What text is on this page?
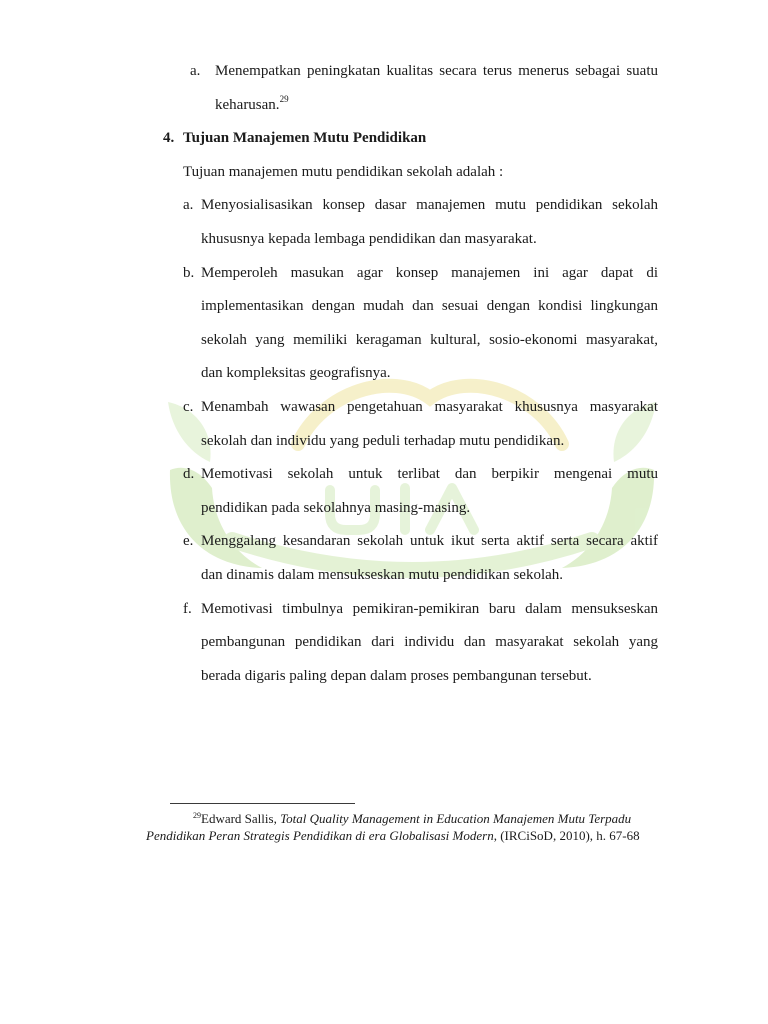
a. Menempatkan peningkatan kualitas secara terus menerus sebagai suatu
keharusan.$^{29}$
4. Tujuan Manajemen Mutu Pendidikan
Tujuan manajemen mutu pendidikan sekolah adalah :
a. Menyosialisasikan konsep dasar manajemen mutu pendidikan sekolah
khususnya kepada lembaga pendidikan dan masyarakat.
b. Memperoleh masukan agar konsep manajemen ini agar dapat di
implementasikan dengan mudah dan sesuai dengan kondisi lingkungan
sekolah yang memiliki keragaman kultural, sosio-ekonomi masyarakat,
dan kompleksitas geografisnya.
c. Menambah wawasan pengetahuan masyarakat khususnya masyarakat
sekolah dan individu yang peduli terhadap mutu pendidikan.
d. Memotivasi sekolah untuk terlibat dan berpikir mengenai mutu
pendidikan pada sekolahnya masing-masing.
e. Menggalang kesandaran sekolah untuk ikut serta aktif serta secara aktif
dan dinamis dalam mensukseskan mutu pendidikan sekolah.
f. Memotivasi timbulnya pemikiran-pemikiran baru dalam mensukseskan
pembangunan pendidikan dari individu dan masyarakat sekolah yang
berada digaris paling depan dalam proses pembangunan tersebut.
$^{29}$Edward Sallis, Total Quality Management in Education Manajemen Mutu Terpadu
Pendidikan Peran Strategis Pendidikan di era Globalisasi Modern, (IRCiSoD, 2010), h. 67-68
